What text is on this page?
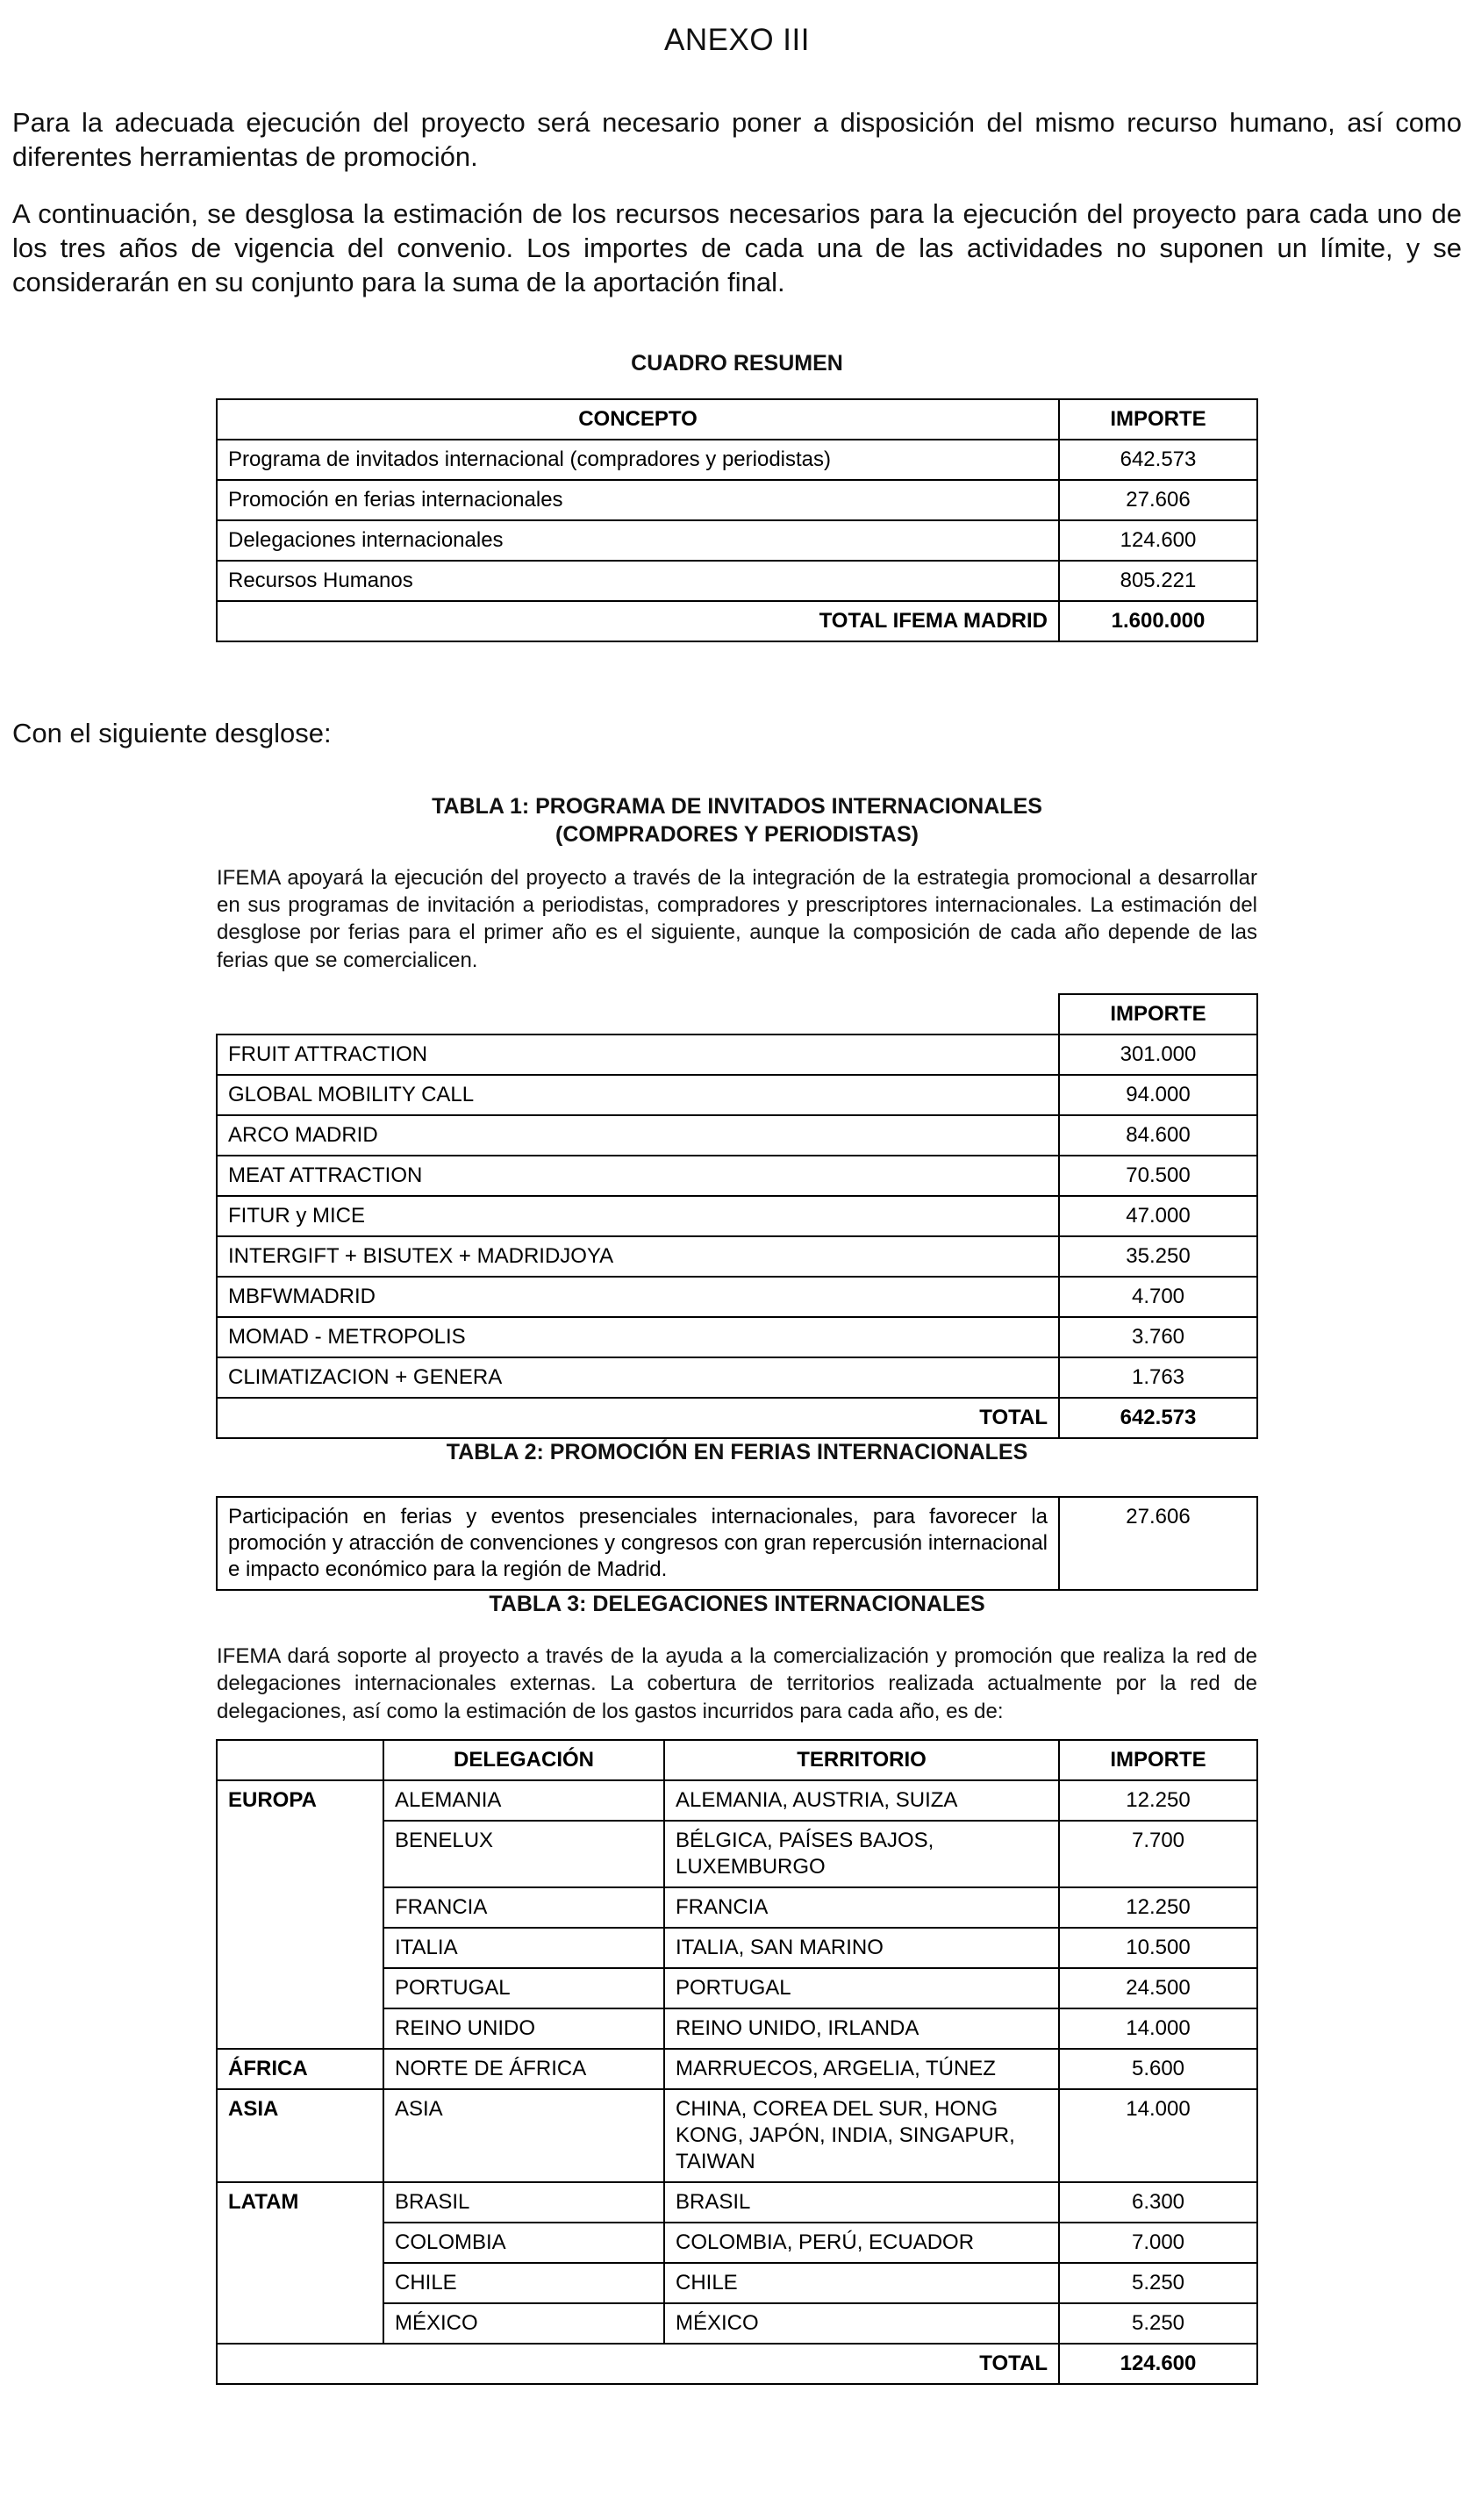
ANEXO III

Para la adecuada ejecución del proyecto será necesario poner a disposición del mismo recurso humano, así como diferentes herramientas de promoción.

A continuación, se desglosa la estimación de los recursos necesarios para la ejecución del proyecto para cada uno de los tres años de vigencia del convenio. Los importes de cada una de las actividades no suponen un límite, y se considerarán en su conjunto para la suma de la aportación final.

CUADRO RESUMEN
CONCEPTO	IMPORTE
Programa de invitados internacional (compradores y periodistas)	642.573
Promoción en ferias internacionales	27.606
Delegaciones internacionales	124.600
Recursos Humanos	805.221
TOTAL IFEMA MADRID	1.600.000

Con el siguiente desglose:

TABLA 1: PROGRAMA DE INVITADOS INTERNACIONALES
(COMPRADORES Y PERIODISTAS)

IFEMA apoyará la ejecución del proyecto a través de la integración de la estrategia promocional a desarrollar en sus programas de invitación a periodistas, compradores y prescriptores internacionales. La estimación del desglose por ferias para el primer año es el siguiente, aunque la composición de cada año depende de las ferias que se comercialicen.

	IMPORTE
FRUIT ATTRACTION	301.000
GLOBAL MOBILITY CALL	94.000
ARCO MADRID	84.600
MEAT ATTRACTION	70.500
FITUR y MICE	47.000
INTERGIFT + BISUTEX + MADRIDJOYA	35.250
MBFWMADRID	4.700
MOMAD - METROPOLIS	3.760
CLIMATIZACION + GENERA	1.763
TOTAL	642.573
TABLA 2: PROMOCIÓN EN FERIAS INTERNACIONALES
Participación en ferias y eventos presenciales internacionales, para favorecer la promoción y atracción de convenciones y congresos con gran repercusión internacional e impacto económico para la región de Madrid.	27.606
TABLA 3: DELEGACIONES INTERNACIONALES

IFEMA dará soporte al proyecto a través de la ayuda a la comercialización y promoción que realiza la red de delegaciones internacionales externas. La cobertura de territorios realizada actualmente por la red de delegaciones, así como la estimación de los gastos incurridos para cada año, es de:

	DELEGACIÓN	TERRITORIO	IMPORTE
EUROPA	ALEMANIA	ALEMANIA, AUSTRIA, SUIZA	12.250
	BENELUX	BÉLGICA, PAÍSES BAJOS, LUXEMBURGO	7.700
	FRANCIA	FRANCIA	12.250
	ITALIA	ITALIA, SAN MARINO	10.500
	PORTUGAL	PORTUGAL	24.500
	REINO UNIDO	REINO UNIDO, IRLANDA	14.000
ÁFRICA	NORTE DE ÁFRICA	MARRUECOS, ARGELIA, TÚNEZ	5.600
ASIA	ASIA	CHINA, COREA DEL SUR, HONG KONG, JAPÓN, INDIA, SINGAPUR, TAIWAN	14.000
LATAM	BRASIL	BRASIL	6.300
	COLOMBIA	COLOMBIA, PERÚ, ECUADOR	7.000
	CHILE	CHILE	5.250
	MÉXICO	MÉXICO	5.250
TOTAL			124.600
